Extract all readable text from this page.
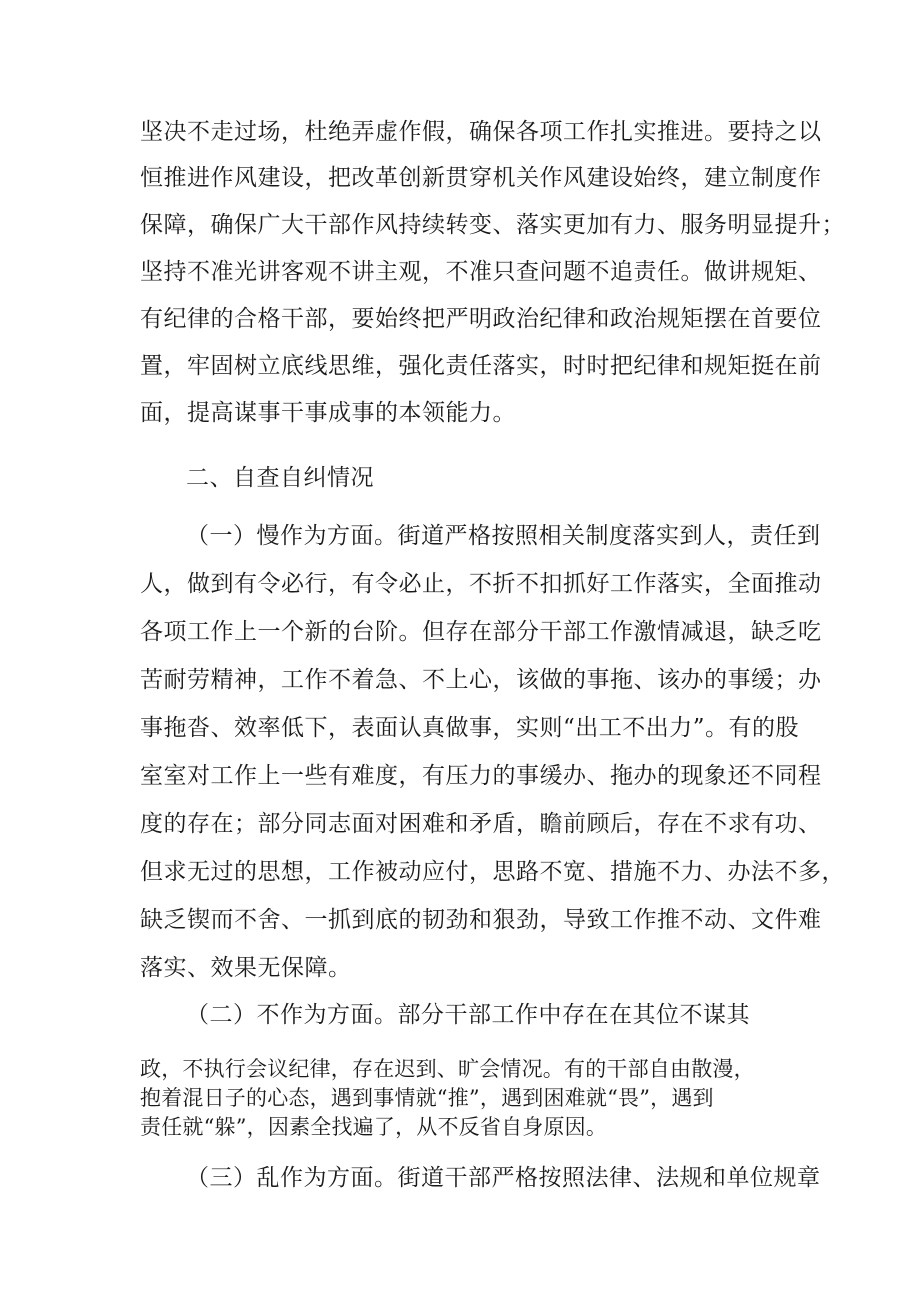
坚决不走过场，杜绝弄虚作假，确保各项工作扎实推进。要持之以
恒推进作风建设，把改革创新贯穿机关作风建设始终，建立制度作
保障，确保广大干部作风持续转变、落实更加有力、服务明显提升；
坚持不准光讲客观不讲主观，不准只查问题不追责任。做讲规矩、
有纪律的合格干部，要始终把严明政治纪律和政治规矩摆在首要位
置，牢固树立底线思维，强化责任落实，时时把纪律和规矩挺在前
面，提高谋事干事成事的本领能力。
二、自查自纠情况
（一）慢作为方面。街道严格按照相关制度落实到人，责任到
人，做到有令必行，有令必止，不折不扣抓好工作落实，全面推动
各项工作上一个新的台阶。但存在部分干部工作激情减退，缺乏吃
苦耐劳精神，工作不着急、不上心，该做的事拖、该办的事缓；办
事拖沓、效率低下，表面认真做事，实则“出工不出力”。有的股
室室对工作上一些有难度，有压力的事缓办、拖办的现象还不同程
度的存在；部分同志面对困难和矛盾，瞻前顾后，存在不求有功、
但求无过的思想，工作被动应付，思路不宽、措施不力、办法不多，
缺乏锲而不舍、一抓到底的韧劲和狠劲，导致工作推不动、文件难
落实、效果无保障。
（二）不作为方面。部分干部工作中存在在其位不谋其
政，不执行会议纪律，存在迟到、旷会情况。有的干部自由散漫，
抱着混日子的心态，遇到事情就“推”，遇到困难就“畏”，遇到
责任就“躲”，因素全找遍了，从不反省自身原因。
（三）乱作为方面。街道干部严格按照法律、法规和单位规章
